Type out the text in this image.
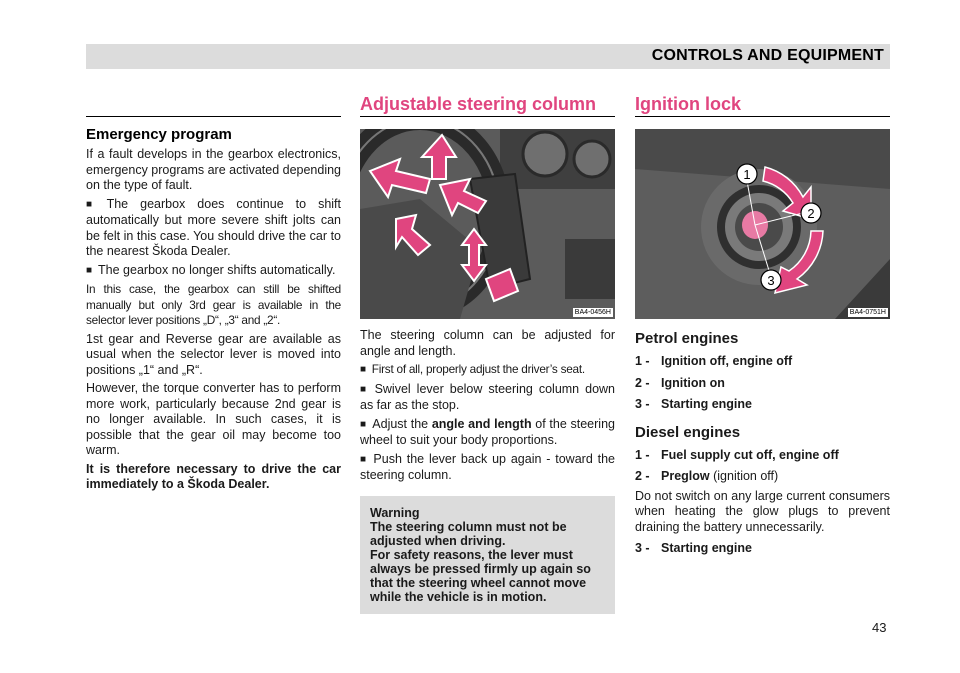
CONTROLS AND EQUIPMENT
Emergency program

If a fault develops in the gearbox electronics, emergency programs are activated depending on the type of fault.

■ The gearbox does continue to shift automatically but more severe shift jolts can be felt in this case. You should drive the car to the nearest Škoda Dealer.

■ The gearbox no longer shifts automatically.

In this case, the gearbox can still be shifted manually but only 3rd gear is available in the selector lever positions „D“, „3“ and „2“.

1st gear and Reverse gear are available as usual when the selector lever is moved into positions „1“ and „R“.

However, the torque converter has to perform more work, particularly because 2nd gear is no longer available. In such cases, it is possible that the gear oil may become too warm.

It is therefore necessary to drive the car immediately to a Škoda Dealer.

Adjustable steering column
BA4-0456H

The steering column can be adjusted for angle and length.

■ First of all, properly adjust the driver’s seat.

■ Swivel lever below steering column down as far as the stop.

■ Adjust the angle and length of the steering wheel to suit your body proportions.

■ Push the lever back up again - toward the steering column.

Warning
The steering column must not be adjusted when driving.
For safety reasons, the lever must always be pressed firmly up again so that the steering wheel cannot move while the vehicle is in motion.
Ignition lock
1
2
3
BA4-0751H
Petrol engines
1 - Ignition off, engine off
2 - Ignition on
3 - Starting engine
Diesel engines
1 - Fuel supply cut off, engine off
2 - Preglow (ignition off)

Do not switch on any large current consumers when heating the glow plugs to prevent draining the battery unnecessarily.

3 - Starting engine
43
